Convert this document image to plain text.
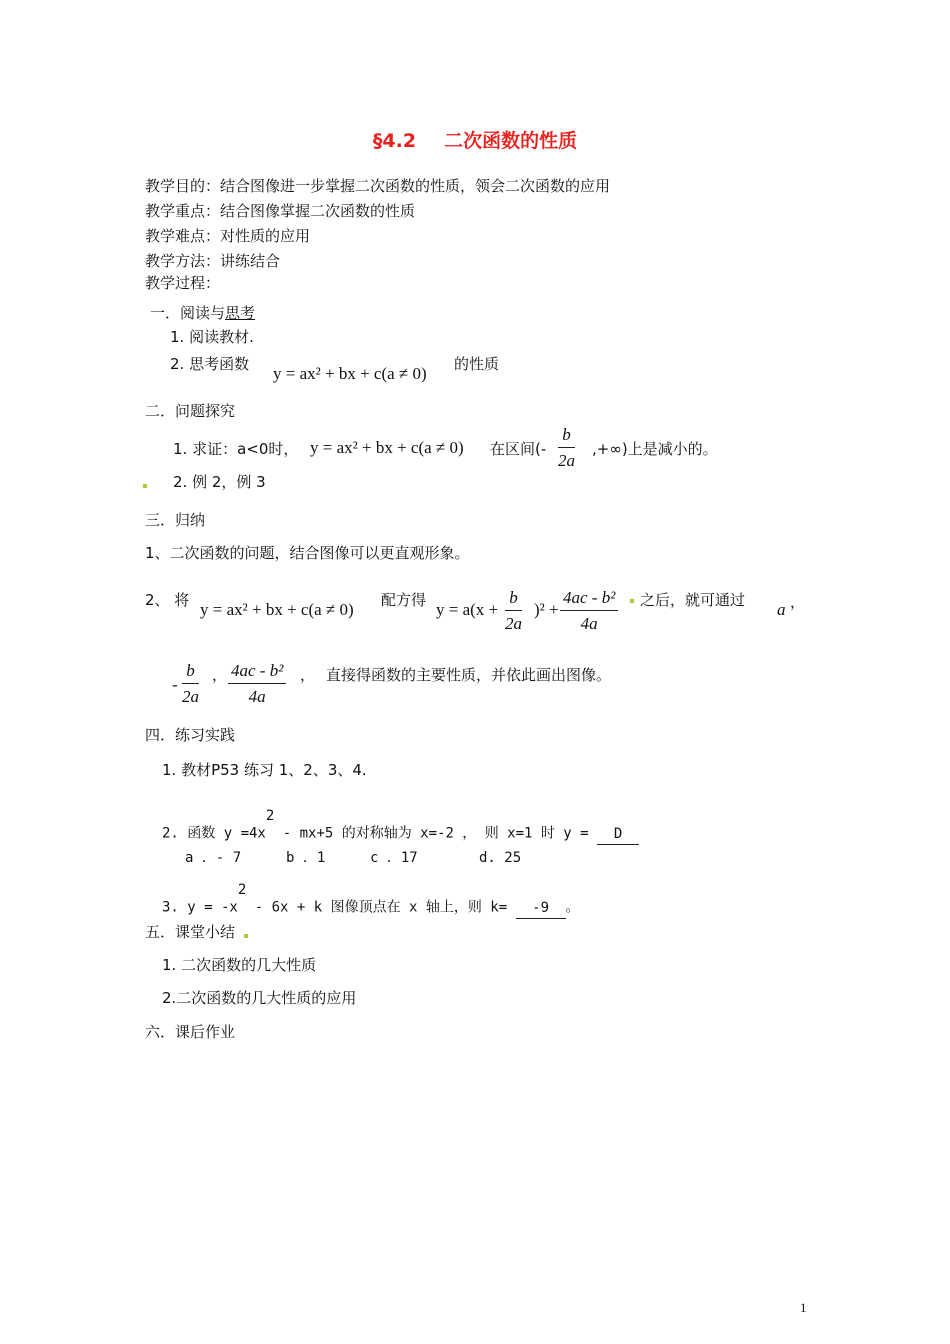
§4.2 二次函数的性质
教学目的：结合图像进一步掌握二次函数的性质，领会二次函数的应用
教学重点：结合图像掌握二次函数的性质
教学难点：对性质的应用
教学方法：讲练结合
教学过程：
一．阅读与思考
1. 阅读教材.
2. 思考函数 y = ax² + bx + c(a ≠ 0) 的性质
二．问题探究
1. 求证：a<0时， y = ax² + bx + c(a ≠ 0) 在区间(- $\frac{b}{2a}$ ,+∞)上是减小的。
2. 例 2，例 3
三．归纳
1、二次函数的问题，结合图像可以更直观形象。
2、 将 y = ax² + bx + c(a ≠ 0) 配方得 $y = a(x + \frac{b}{2a} )^2 + \frac{\text{4ac - b²}}{4a}$ 之后，就可通过 a ，
- $\frac{b}{2a}$ ， $\frac{\text{4ac - b²}}{4a}$ ， 直接得函数的主要性质，并依此画出图像。
四．练习实践
1. 教材P53 练习 1、2、3、4.
2. 函数 $y =4x^2 - mx+5$ 的对称轴为 x=-2 ， 则 x=1 时 y = D
a ．- 7	b ．1	c ．17	d. 25
3. $y = -x^2 - 6x + k$ 图像顶点在 x 轴上，则 k= -9 。
五．课堂小结
1. 二次函数的几大性质
2.二次函数的几大性质的应用
六．课后作业
1
